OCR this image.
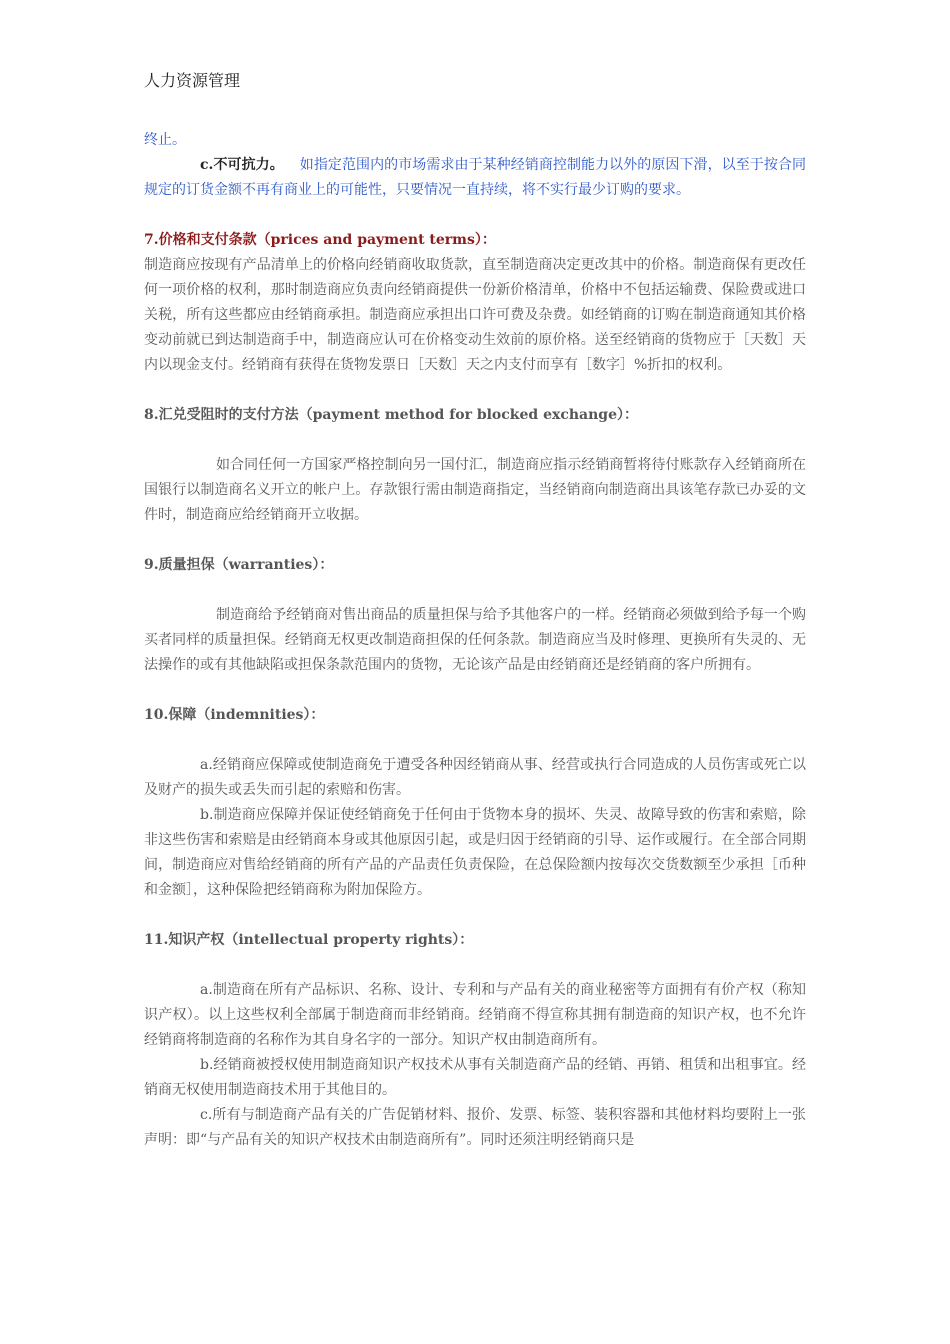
人力资源管理

终止。

c.不可抗力。 如指定范围内的市场需求由于某种经销商控制能力以外的原因下滑，以至于按合同规定的订货金额不再有商业上的可能性，只要情况一直持续，将不实行最少订购的要求。

7.价格和支付条款（prices and payment terms）：

制造商应按现有产品清单上的价格向经销商收取货款，直至制造商决定更改其中的价格。制造商保有更改任何一项价格的权利，那时制造商应负责向经销商提供一份新价格清单，价格中不包括运输费、保险费或进口关税，所有这些都应由经销商承担。制造商应承担出口许可费及杂费。如经销商的订购在制造商通知其价格变动前就已到达制造商手中，制造商应认可在价格变动生效前的原价格。送至经销商的货物应于［天数］天内以现金支付。经销商有获得在货物发票日［天数］天之内支付而享有［数字］%折扣的权利。

8.汇兑受阻时的支付方法（payment method for blocked exchange）：

如合同任何一方国家严格控制向另一国付汇，制造商应指示经销商暂将待付账款存入经销商所在国银行以制造商名义开立的帐户上。存款银行需由制造商指定，当经销商向制造商出具该笔存款已办妥的文件时，制造商应给经销商开立收据。

9.质量担保（warranties）：

制造商给予经销商对售出商品的质量担保与给予其他客户的一样。经销商必须做到给予每一个购买者同样的质量担保。经销商无权更改制造商担保的任何条款。制造商应当及时修理、更换所有失灵的、无法操作的或有其他缺陷或担保条款范围内的货物，无论该产品是由经销商还是经销商的客户所拥有。

10.保障（indemnities）：

a.经销商应保障或使制造商免于遭受各种因经销商从事、经营或执行合同造成的人员伤害或死亡以及财产的损失或丢失而引起的索赔和伤害。

b.制造商应保障并保证使经销商免于任何由于货物本身的损坏、失灵、故障导致的伤害和索赔，除非这些伤害和索赔是由经销商本身或其他原因引起，或是归因于经销商的引导、运作或履行。在全部合同期间，制造商应对售给经销商的所有产品的产品责任负责保险，在总保险额内按每次交货数额至少承担［币种和金额］，这种保险把经销商称为附加保险方。

11.知识产权（intellectual property rights）：

a.制造商在所有产品标识、名称、设计、专利和与产品有关的商业秘密等方面拥有有价产权（称知识产权）。以上这些权利全部属于制造商而非经销商。经销商不得宣称其拥有制造商的知识产权，也不允许经销商将制造商的名称作为其自身名字的一部分。知识产权由制造商所有。

b.经销商被授权使用制造商知识产权技术从事有关制造商产品的经销、再销、租赁和出租事宜。经销商无权使用制造商技术用于其他目的。

c.所有与制造商产品有关的广告促销材料、报价、发票、标签、装积容器和其他材料均要附上一张声明：即“与产品有关的知识产权技术由制造商所有”。同时还须注明经销商只是
